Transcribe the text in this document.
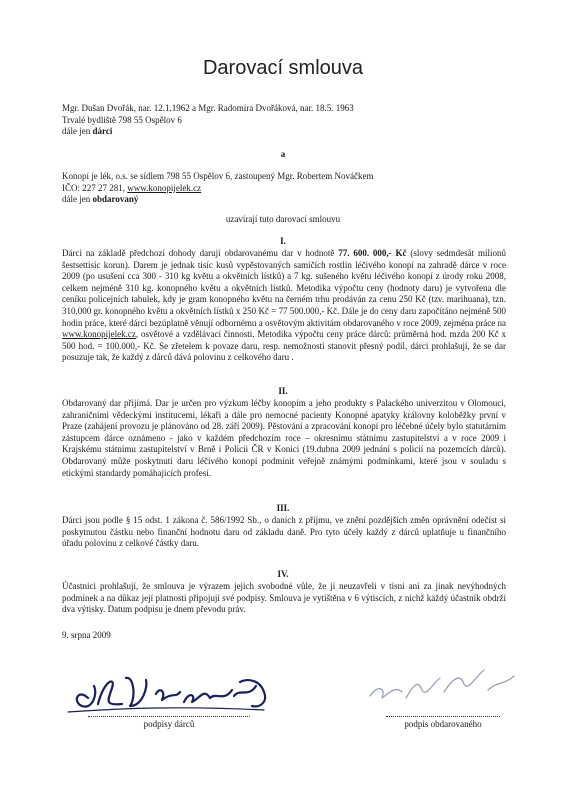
Darovací smlouva
Mgr. Dušan Dvořák, nar. 12.1.1962 a Mgr. Radomíra Dvořáková, nar. 18.5. 1963
Trvalé bydliště 798 55 Ospělov 6
dále jen dárci
a
Konopí je lék, o.s. se sídlem 798 55 Ospělov 6, zastoupený Mgr. Robertem Nováčkem
IČO: 227 27 281, www.konopijelek.cz
dále jen obdarovaný
uzavírají tuto darovací smlouvu
I.
Dárci na základě předchozí dohody darují obdarovanému dar v hodnotě 77. 600. 000,- Kč (slovy sedmdesát milionů šestsettisíc korun). Darem je jednak tisíc kusů vypěstovaných samičích rostlin léčivého konopí na zahradě dárce v roce 2009 (po usušení cca 300 - 310 kg květu a okvětních lístků) a 7 kg. sušeného květu léčivého konopí z úrody roku 2008, celkem nejméně 310 kg. konopného květu a okvětních lístků. Metodika výpočtu ceny (hodnoty daru) je vytvořena dle ceníku policejních tabulek, kdy je gram konopného květu na černém trhu prodáván za cenu 250 Kč (tzv. marihuana), tzn. 310.000 gr. konopného květu a okvětních lístků x 250 Kč = 77 500.000,- Kč. Dále je do ceny daru započítáno nejméně 500 hodin práce, které dárci bezúplatně věnují odbornému a osvětovým aktivitám obdarovaného v roce 2009, zejména práce na www.konopijelek.cz, osvětové a vzdělávací činnosti. Metodika výpočtu ceny práce dárců: průměrná hod. mzda 200 Kč x 500 hod. = 100.000,- Kč. Se zřetelem k povaze daru, resp. nemožnosti stanovit přesný podíl, dárci prohlašují, že se dar posuzuje tak, že každý z dárců dává polovinu z celkového daru .
II.
Obdarovaný dar přijímá. Dar je určen pro výzkum léčby konopím a jeho produkty s Palackého univerzitou v Olomouci, zahraničními vědeckými institucemi, lékaři a dále pro nemocné pacienty Konopné apatyky královny koloběžky první v Praze (zahájení provozu je plánováno od 28. září 2009). Pěstování a zpracování konopí pro léčebné účely bylo statutárním zástupcem dárce oznámeno - jako v každém předchozím roce – okresnímu státnímu zastupitelství a v roce 2009 i Krajskému státnímu zastupitelství v Brně i Policii ČR v Konici (19.dubna 2009 jednání s policií na pozemcích dárců). Obdarovaný může poskytnutí daru léčivého konopí podmínit veřejně známými podmínkami, které jsou v souladu s etickými standardy pomáhajících profesí.
III.
Dárci jsou podle § 15 odst. 1 zákona č. 586/1992 Sb., o daních z příjmu, ve znění pozdějších změn oprávnění odečíst si poskytnutou částku nebo finanční hodnotu daru od základu daně. Pro tyto účely každý z dárců uplatňuje u finančního úřadu polovinu z celkové částky daru.
IV.
Účastnici prohlašují, že smlouva je výrazem jejich svobodné vůle, že jí neuzavřeli v tísni ani za jinak nevýhodných podmínek a na důkaz její platnosti připojují své podpisy. Smlouva je vytištěna v 6 výtiscích, z nichž každý účastník obdrží dva výtisky. Datum podpisu je dnem převodu práv.
9. srpna 2009
podpisy dárců	podpis obdarovaného
